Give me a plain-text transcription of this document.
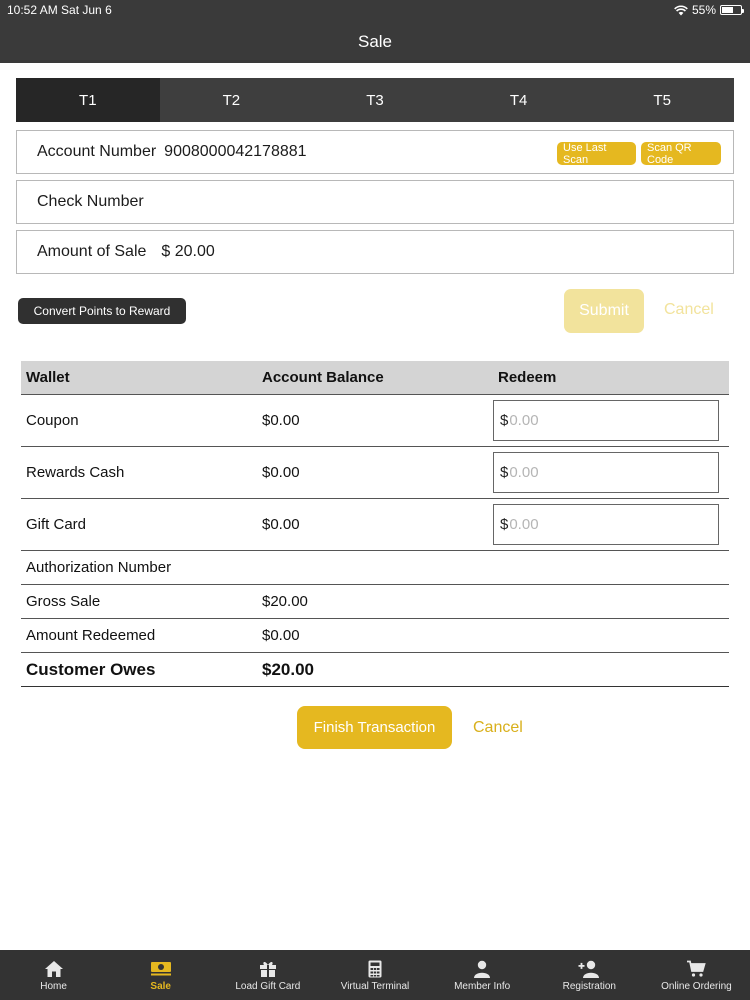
10:52 AM Sat Jun 6	55%
Sale
T1	T2	T3	T4	T5
Account Number 9008000042178881	Use Last Scan
Scan QR Code
Check Number
Amount of Sale $ 20.00
Convert Points to Reward	Submit	Cancel
Wallet	Account Balance	Redeem
Coupon	$0.00	$ 0.00
Rewards Cash	$0.00	$ 0.00
Gift Card	$0.00	$ 0.00
Authorization Number
Gross Sale	$20.00
Amount Redeemed	$0.00
Customer Owes	$20.00
Finish Transaction	Cancel
Home	Sale	Load Gift Card	Virtual Terminal	Member Info	Registration	Online Ordering
